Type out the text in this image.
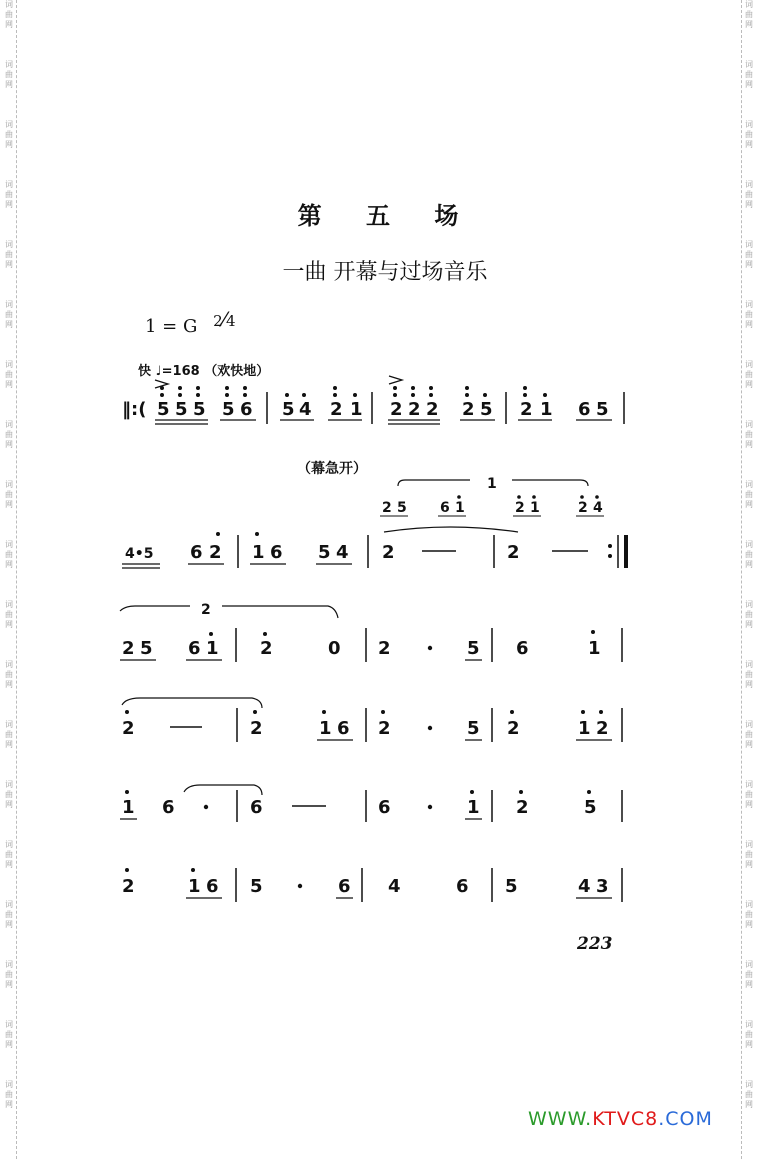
词
曲
网
词
曲
网
词
曲
网
词
曲
网
词
曲
网
词
曲
网
词
曲
网
词
曲
网
词
曲
网
词
曲
网
词
曲
网
词
曲
网
词
曲
网
词
曲
网
词
曲
网
词
曲
网
词
曲
网
词
曲
网
词
曲
网
词
曲
网
词
曲
网
词
曲
网
词
曲
网
词
曲
网
词
曲
网
词
曲
网
词
曲
网
词
曲
网
词
曲
网
词
曲
网
词
曲
网
词
曲
网
词
曲
网
词
曲
网
词
曲
网
词
曲
网
词
曲
网
词
曲
网
第 五 场
一曲 开幕与过场音乐
1 = G 2⁄4
快 ♩=168 （欢快地）
（幕急开）
‖:( 5 5 5 5 6 5 4 2 1 2 2 2 2 5 2 1 6 5
1
2 5 6 1	2 1	2 4
4•5 6 2 1 6 5 4 2	2
2
2 5 6 1 2	0 2	5 6	1
2	2	1 6 2	5 2	1 2
1 6	6	6	1 2	5
2	1 6 5	6 4	6 5	4 3
223
WWW.KTVC8.COM
